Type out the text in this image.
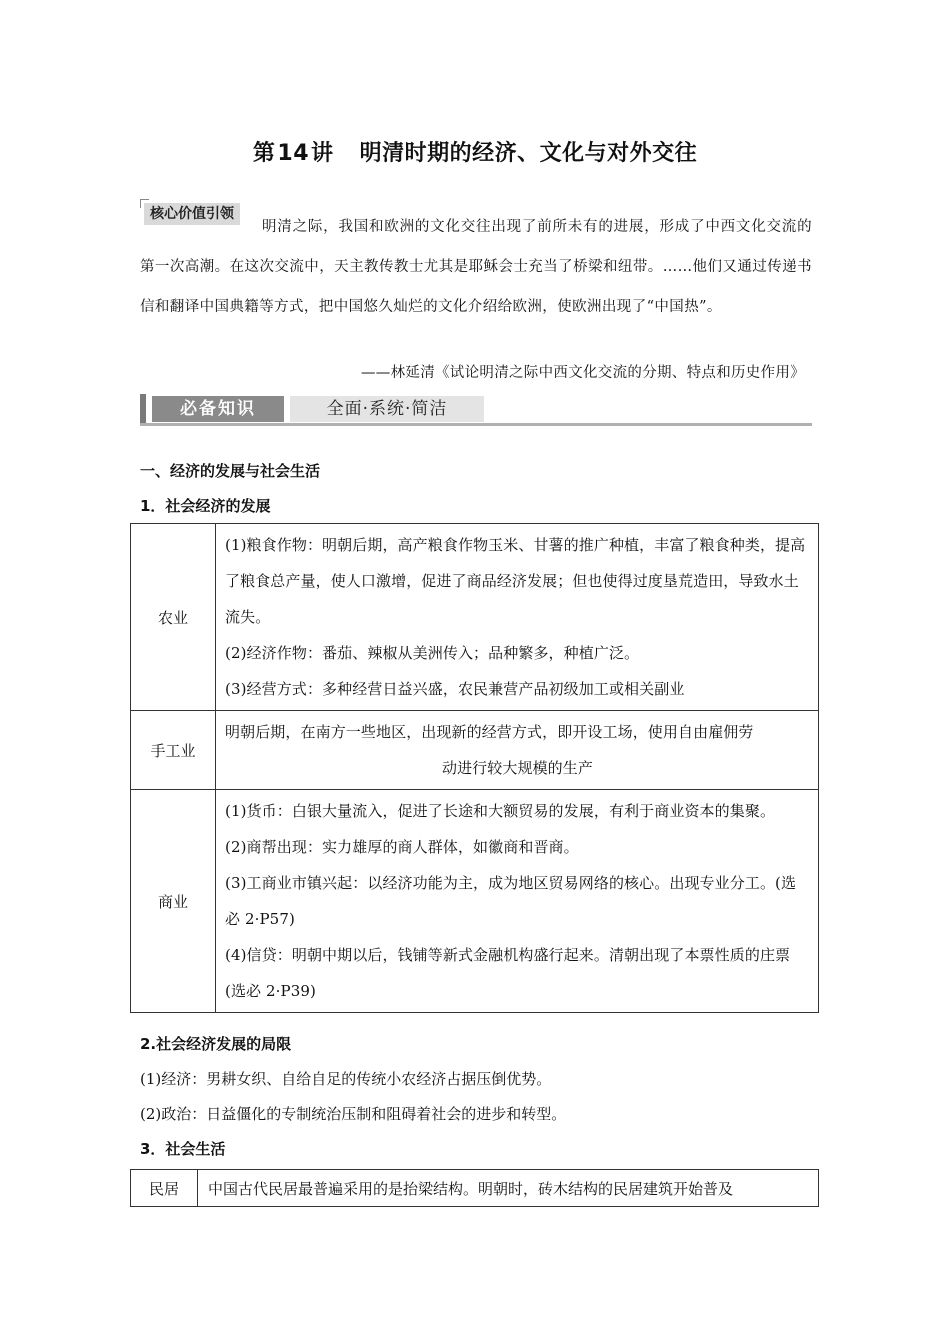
第14讲 明清时期的经济、文化与对外交往
明清之际，我国和欧洲的文化交往出现了前所未有的进展，形成了中西文化交流的第一次高潮。在这次交流中，天主教传教士尤其是耶稣会士充当了桥梁和纽带。……他们又通过传递书信和翻译中国典籍等方式，把中国悠久灿烂的文化介绍给欧洲，使欧洲出现了“中国热”。
核心价值引领
——林延清《试论明清之际中西文化交流的分期、特点和历史作用》
必备知识	全面·系统·简洁
一、经济的发展与社会生活
1．社会经济的发展
农业	(1)粮食作物：明朝后期，高产粮食作物玉米、甘薯的推广种植，丰富了粮食种类，提高了粮食总产量，使人口激增，促进了商品经济发展；但也使得过度垦荒造田，导致水土流失。
(2)经济作物：番茄、辣椒从美洲传入；品种繁多，种植广泛。
(3)经营方式：多种经营日益兴盛，农民兼营产品初级加工或相关副业

手工业	明朝后期，在南方一些地区，出现新的经营方式，即开设工场，使用自由雇佣劳
动进行较大规模的生产

商业	(1)货币：白银大量流入，促进了长途和大额贸易的发展，有利于商业资本的集聚。
(2)商帮出现：实力雄厚的商人群体，如徽商和晋商。
(3)工商业市镇兴起：以经济功能为主，成为地区贸易网络的核心。出现专业分工。(选必 2·P57)
(4)信贷：明朝中期以后，钱铺等新式金融机构盛行起来。清朝出现了本票性质的庄票(选必 2·P39)
2.社会经济发展的局限
(1)经济：男耕女织、自给自足的传统小农经济占据压倒优势。
(2)政治：日益僵化的专制统治压制和阻碍着社会的进步和转型。
3．社会生活
民居	中国古代民居最普遍采用的是抬梁结构。明朝时，砖木结构的民居建筑开始普及
